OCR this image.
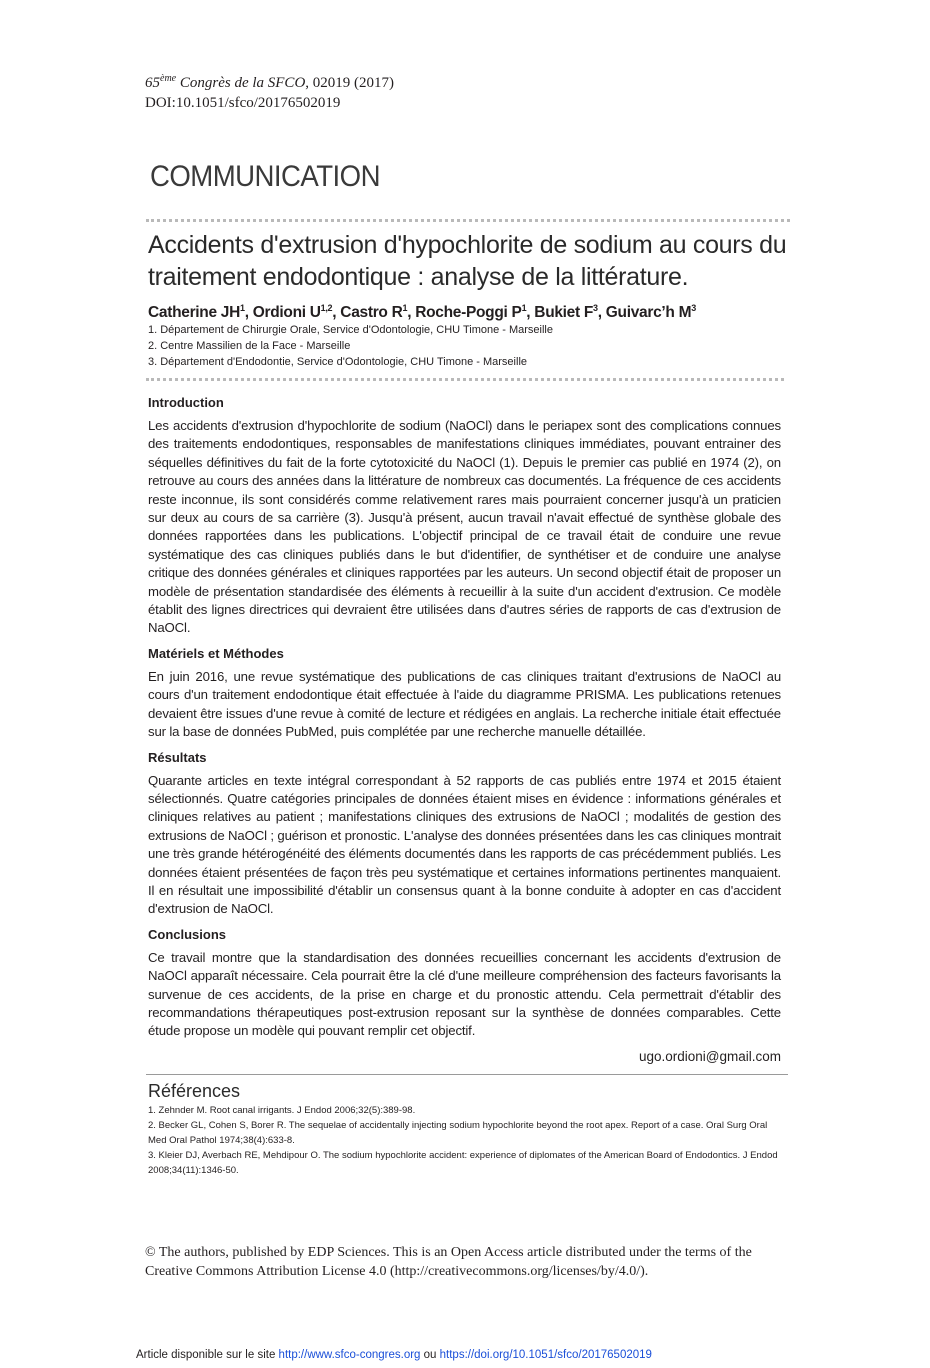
65ème Congrès de la SFCO, 02019 (2017)
DOI:10.1051/sfco/20176502019
COMMUNICATION
Accidents d'extrusion d'hypochlorite de sodium au cours du traitement endodontique : analyse de la littérature.
Catherine $JH^1$, Ordioni U$^{1,2}$, Castro $R^1$, Roche-Poggi $P^1$, Bukiet $F^3$, Guivarc’h $M^3$
1. Département de Chirurgie Orale, Service d'Odontologie, CHU Timone - Marseille
2. Centre Massilien de la Face - Marseille
3. Département d'Endodontie, Service d'Odontologie, CHU Timone - Marseille
Introduction

Les accidents d'extrusion d'hypochlorite de sodium (NaOCl) dans le periapex sont des complications connues des traitements endodontiques, responsables de manifestations cliniques immédiates, pouvant entrainer des séquelles définitives du fait de la forte cytotoxicité du NaOCl (1). Depuis le premier cas publié en 1974 (2), on retrouve au cours des années dans la littérature de nombreux cas documentés. La fréquence de ces accidents reste inconnue, ils sont considérés comme relativement rares mais pourraient concerner jusqu'à un praticien sur deux au cours de sa carrière (3). Jusqu'à présent, aucun travail n'avait effectué de synthèse globale des données rapportées dans les publications. L'objectif principal de ce travail était de conduire une revue systématique des cas cliniques publiés dans le but d'identifier, de synthétiser et de conduire une analyse critique des données générales et cliniques rapportées par les auteurs. Un second objectif était de proposer un modèle de présentation standardisée des éléments à recueillir à la suite d'un accident d'extrusion. Ce modèle établit des lignes directrices qui devraient être utilisées dans d'autres séries de rapports de cas d'extrusion de NaOCl.

Matériels et Méthodes

En juin 2016, une revue systématique des publications de cas cliniques traitant d'extrusions de NaOCl au cours d'un traitement endodontique était effectuée à l'aide du diagramme PRISMA. Les publications retenues devaient être issues d'une revue à comité de lecture et rédigées en anglais. La recherche initiale était effectuée sur la base de données PubMed, puis complétée par une recherche manuelle détaillée.

Résultats

Quarante articles en texte intégral correspondant à 52 rapports de cas publiés entre 1974 et 2015 étaient sélectionnés. Quatre catégories principales de données étaient mises en évidence : informations générales et cliniques relatives au patient ; manifestations cliniques des extrusions de NaOCl ; modalités de gestion des extrusions de NaOCl ; guérison et pronostic. L'analyse des données présentées dans les cas cliniques montrait une très grande hétérogénéité des éléments documentés dans les rapports de cas précédemment publiés. Les données étaient présentées de façon très peu systématique et certaines informations pertinentes manquaient. Il en résultait une impossibilité d'établir un consensus quant à la bonne conduite à adopter en cas d'accident d'extrusion de NaOCl.

Conclusions

Ce travail montre que la standardisation des données recueillies concernant les accidents d'extrusion de NaOCl apparaît nécessaire. Cela pourrait être la clé d'une meilleure compréhension des facteurs favorisants la survenue de ces accidents, de la prise en charge et du pronostic attendu. Cela permettrait d'établir des recommandations thérapeutiques post-extrusion reposant sur la synthèse de données comparables. Cette étude propose un modèle qui pouvant remplir cet objectif.

ugo.ordioni@gmail.com
Références

1. Zehnder M. Root canal irrigants. J Endod 2006;32(5):389-98.

2. Becker GL, Cohen S, Borer R. The sequelae of accidentally injecting sodium hypochlorite beyond the root apex. Report of a case. Oral Surg Oral Med Oral Pathol 1974;38(4):633-8.

3. Kleier DJ, Averbach RE, Mehdipour O. The sodium hypochlorite accident: experience of diplomates of the American Board of Endodontics. J Endod 2008;34(11):1346-50.

© The authors, published by EDP Sciences. This is an Open Access article distributed under the terms of the Creative Commons Attribution License 4.0 (http://creativecommons.org/licenses/by/4.0/).
Article disponible sur le site http://www.sfco-congres.org ou https://doi.org/10.1051/sfco/20176502019
